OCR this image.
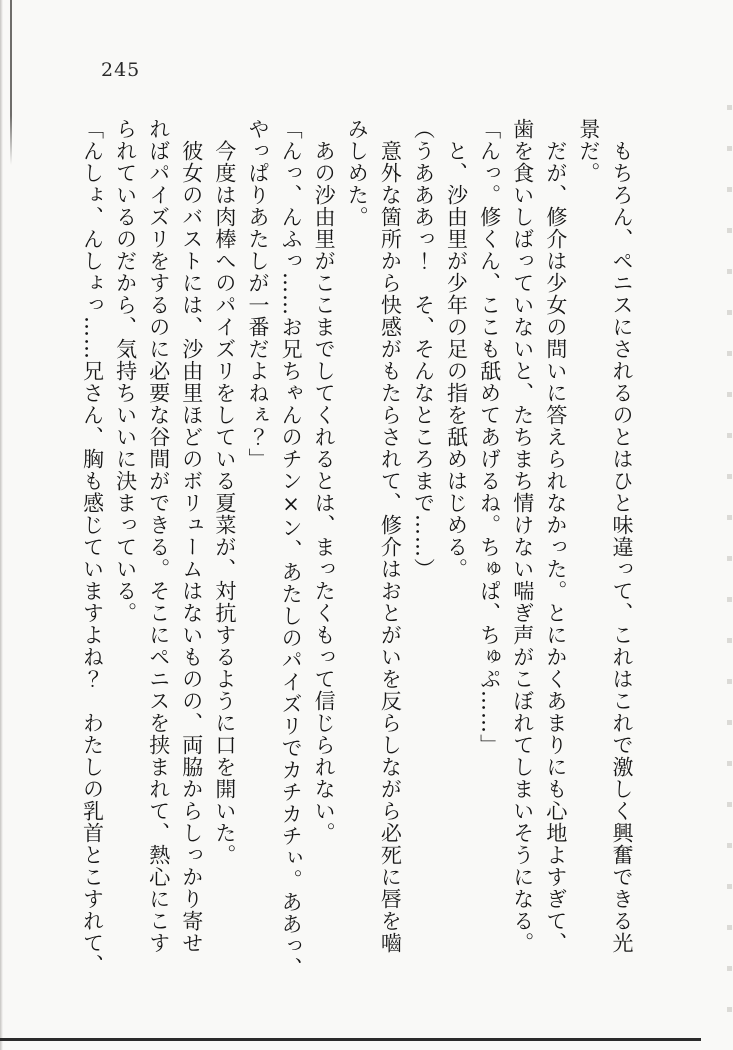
245
　もちろん、ペニスにされるのとはひと味違って、これはこれで激しく興奮できる光
景だ。
　だが、修介は少女の問いに答えられなかった。とにかくあまりにも心地よすぎて、
歯を食いしばっていないと、たちまち情けない喘ぎ声がこぼれてしまいそうになる。
「んっ。修くん、ここも舐めてあげるね。ちゅぱ、ちゅぷ……」
　と、沙由里が少年の足の指を舐めはじめる。
（うあああっ！　そ、そんなところまで……）
　意外な箇所から快感がもたらされて、修介はおとがいを反らしながら必死に唇を嚙
みしめた。
　あの沙由里がここまでしてくれるとは、まったくもって信じられない。
「んっ、んふっ……お兄ちゃんのチン×ン、あたしのパイズリでカチカチぃ。ああっ、
やっぱりあたしが一番だよねぇ？」
　今度は肉棒へのパイズリをしている夏菜が、対抗するように口を開いた。
　彼女のバストには、沙由里ほどのボリュームはないものの、両脇からしっかり寄せ
ればパイズリをするのに必要な谷間ができる。そこにペニスを挟まれて、熱心にこす
られているのだから、気持ちいいに決まっている。
「んしょ、んしょっ……兄さん、胸も感じていますよね？　わたしの乳首とこすれて、
